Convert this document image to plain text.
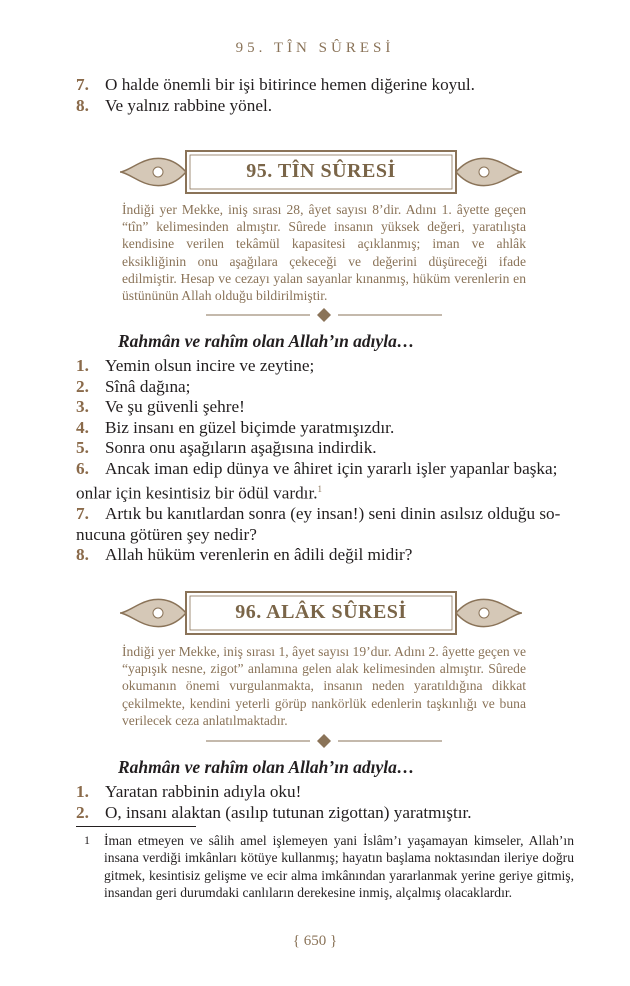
95. TÎN SÛRESİ
7. O halde önemli bir işi bitirince hemen diğerine koyul.
8. Ve yalnız rabbine yönel.
95. TÎN SÛRESİ
İndiği yer Mekke, iniş sırası 28, âyet sayısı 8’dir. Adını 1. âyette geçen “tîn” kelimesinden almıştır. Sûrede insanın yüksek değeri, yaratılışta kendisine verilen tekâmül kapasitesi açıklanmış; iman ve ahlâk eksikliğinin onu aşağılara çekeceği ve değerini düşüreceği ifade edilmiştir. Hesap ve cezayı yalan sayanlar kınanmış, hüküm verenlerin en üstününün Allah olduğu bildirilmiştir.
Rahmân ve rahîm olan Allah’ın adıyla…
1. Yemin olsun incire ve zeytine;
2. Sînâ dağına;
3. Ve şu güvenli şehre!
4. Biz insanı en güzel biçimde yaratmışızdır.
5. Sonra onu aşağıların aşağısına indirdik.
6. Ancak iman edip dünya ve âhiret için yararlı işler yapanlar başka;
onlar için kesintisiz bir ödül vardır.$^1$
7. Artık bu kanıtlardan sonra (ey insan!) seni dinin asılsız olduğu so-
nucuna götüren şey nedir?
8. Allah hüküm verenlerin en âdili değil midir?
96. ALÂK SÛRESİ
İndiği yer Mekke, iniş sırası 1, âyet sayısı 19’dur. Adını 2. âyette geçen ve “yapışık nesne, zigot” anlamına gelen alak kelimesinden almıştır. Sûrede okumanın önemi vurgulanmakta, insanın neden yaratıldığına dikkat çekilmekte, kendini yeterli görüp nankörlük edenlerin taşkınlığı ve buna verilecek ceza anlatılmaktadır.
Rahmân ve rahîm olan Allah’ın adıyla…
1. Yaratan rabbinin adıyla oku!
2. O, insanı alaktan (asılıp tutunan zigottan) yaratmıştır.
1 İman etmeyen ve sâlih amel işlemeyen yani İslâm’ı yaşamayan kimseler, Allah’ın insana verdiği imkânları kötüye kullanmış; hayatın başlama noktasından ileriye doğru gitmek, kesintisiz gelişme ve ecir alma imkânından yararlanmak yerine geriye gitmiş, insandan geri durumdaki canlıların derekesine inmiş, alçalmış olacaklardır.
{ 650 }
